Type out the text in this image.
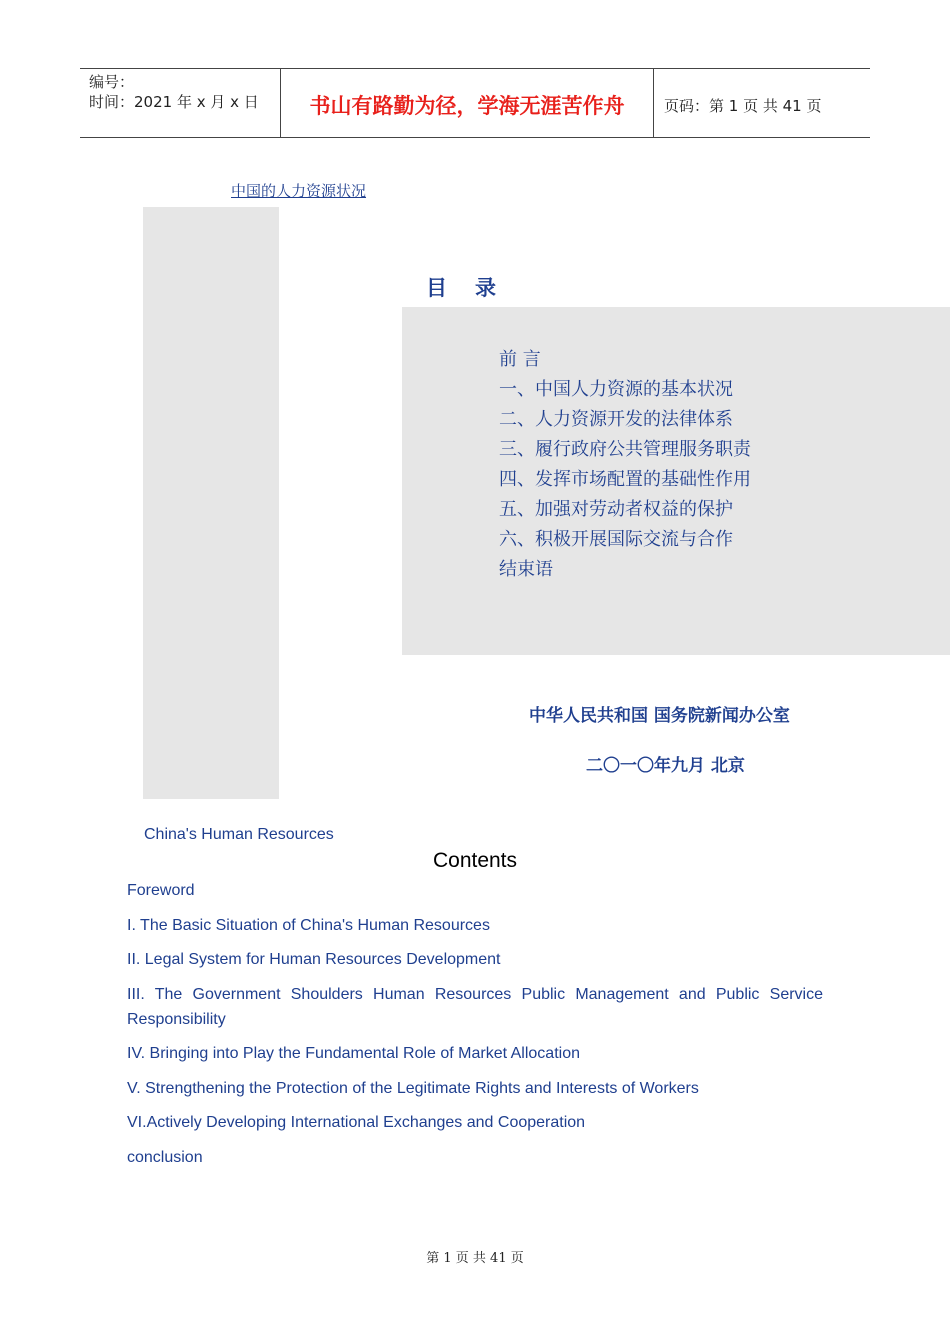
编号：
时间：2021 年 x 月 x 日	书山有路勤为径，学海无涯苦作舟	页码：第 1 页 共 41 页
中国的人力资源状况
目录
前 言
一、中国人力资源的基本状况
二、人力资源开发的法律体系
三、履行政府公共管理服务职责
四、发挥市场配置的基础性作用
五、加强对劳动者权益的保护
六、积极开展国际交流与合作
结束语
中华人民共和国 国务院新闻办公室
二〇一〇年九月 北京
China's Human Resources
Contents
Foreword
I. The Basic Situation of China's Human Resources
II. Legal System for Human Resources Development
III. The Government Shoulders Human Resources Public Management and Public Service Responsibility
IV. Bringing into Play the Fundamental Role of Market Allocation
V. Strengthening the Protection of the Legitimate Rights and Interests of Workers
VI.Actively Developing International Exchanges and Cooperation
conclusion
第 1 页 共 41 页
